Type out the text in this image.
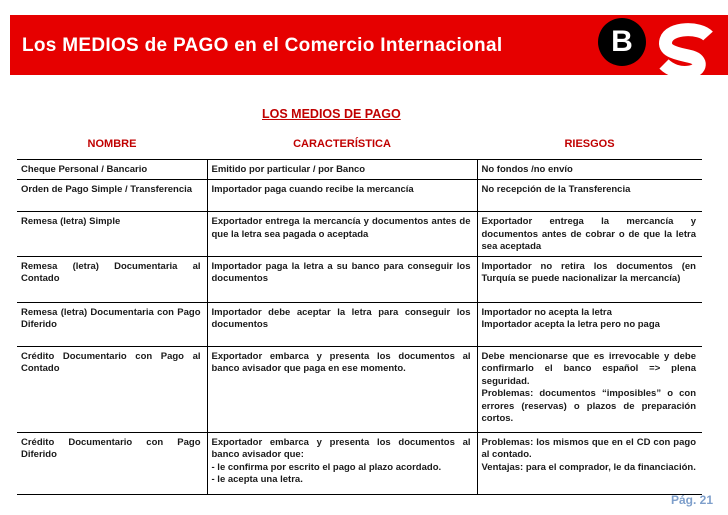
Los MEDIOS de PAGO en el Comercio Internacional	B
LOS MEDIOS DE PAGO
NOMBRE	CARACTERÍSTICA	RIESGOS
Cheque Personal / Bancario	Emitido por particular / por Banco	No fondos /no envío

Orden de Pago Simple / Transferencia	Importador paga cuando recibe la mercancía	No recepción de la Transferencia

Remesa (letra) Simple	Exportador entrega la mercancía y documentos antes de que la letra sea pagada o aceptada	Exportador entrega la mercancía y documentos antes de cobrar o de que la letra sea aceptada

Remesa (letra) Documentaria al Contado	Importador paga la letra a su banco para conseguir los documentos	Importador no retira los documentos (en Turquía se puede nacionalizar la mercancía)

Remesa (letra) Documentaria con Pago Diferido	Importador debe aceptar la letra para conseguir los documentos	Importador no acepta la letra
Importador acepta la letra pero no paga

Crédito Documentario con Pago al Contado	Exportador embarca y presenta los documentos al banco avisador que paga en ese momento.	Debe mencionarse que es irrevocable y debe confirmarlo el banco español => plena seguridad.
Problemas: documentos “imposibles” o con errores (reservas) o plazos de preparación cortos.

Crédito Documentario con Pago Diferido	Exportador embarca y presenta los documentos al banco avisador que:
- le confirma por escrito el pago al plazo acordado.
- le acepta una letra.	Problemas: los mismos que en el CD con pago al contado.
Ventajas: para el comprador, le da financiación.
Pág. 21
